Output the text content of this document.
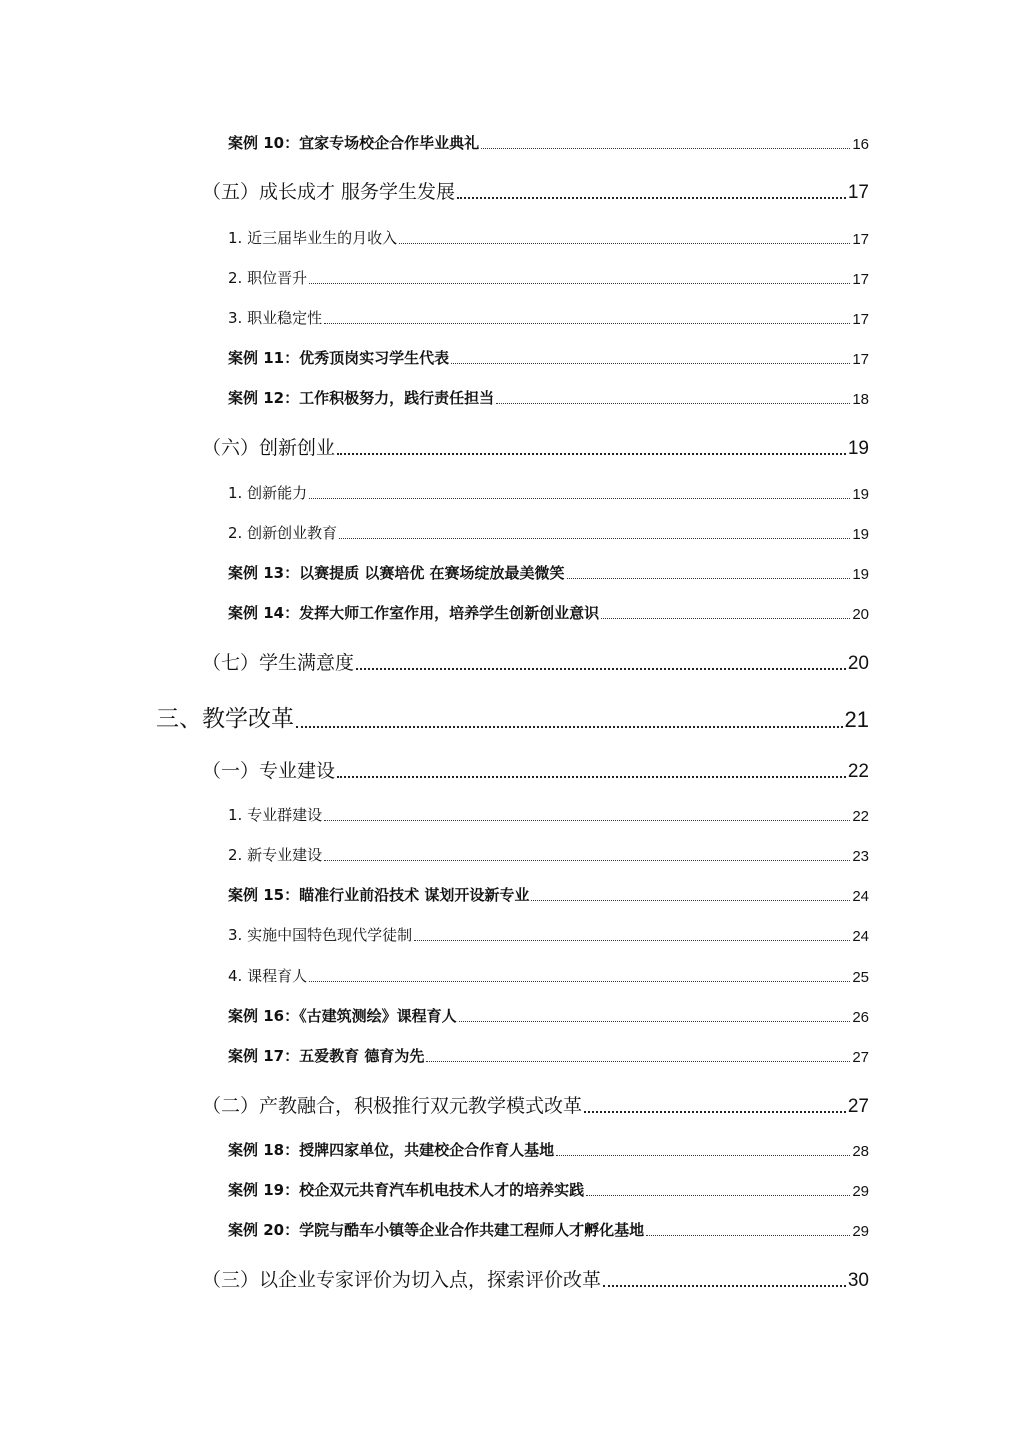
案例 10：宜家专场校企合作毕业典礼	16
（五）成长成才 服务学生发展	17
1. 近三届毕业生的月收入	17
2. 职位晋升	17
3. 职业稳定性	17
案例 11：优秀顶岗实习学生代表	17
案例 12：工作积极努力，践行责任担当	18
（六）创新创业	19
1. 创新能力	19
2. 创新创业教育	19
案例 13：以赛提质 以赛培优 在赛场绽放最美微笑	19
案例 14：发挥大师工作室作用，培养学生创新创业意识	20
（七）学生满意度	20
三、教学改革	21
（一）专业建设	22
1. 专业群建设	22
2. 新专业建设	23
案例 15：瞄准行业前沿技术 谋划开设新专业	24
3. 实施中国特色现代学徒制	24
4. 课程育人	25
案例 16：《古建筑测绘》课程育人	26
案例 17：五爱教育 德育为先	27
（二）产教融合，积极推行双元教学模式改革	27
案例 18：授牌四家单位，共建校企合作育人基地	28
案例 19：校企双元共育汽车机电技术人才的培养实践	29
案例 20：学院与酷车小镇等企业合作共建工程师人才孵化基地	29
（三）以企业专家评价为切入点，探索评价改革	30
